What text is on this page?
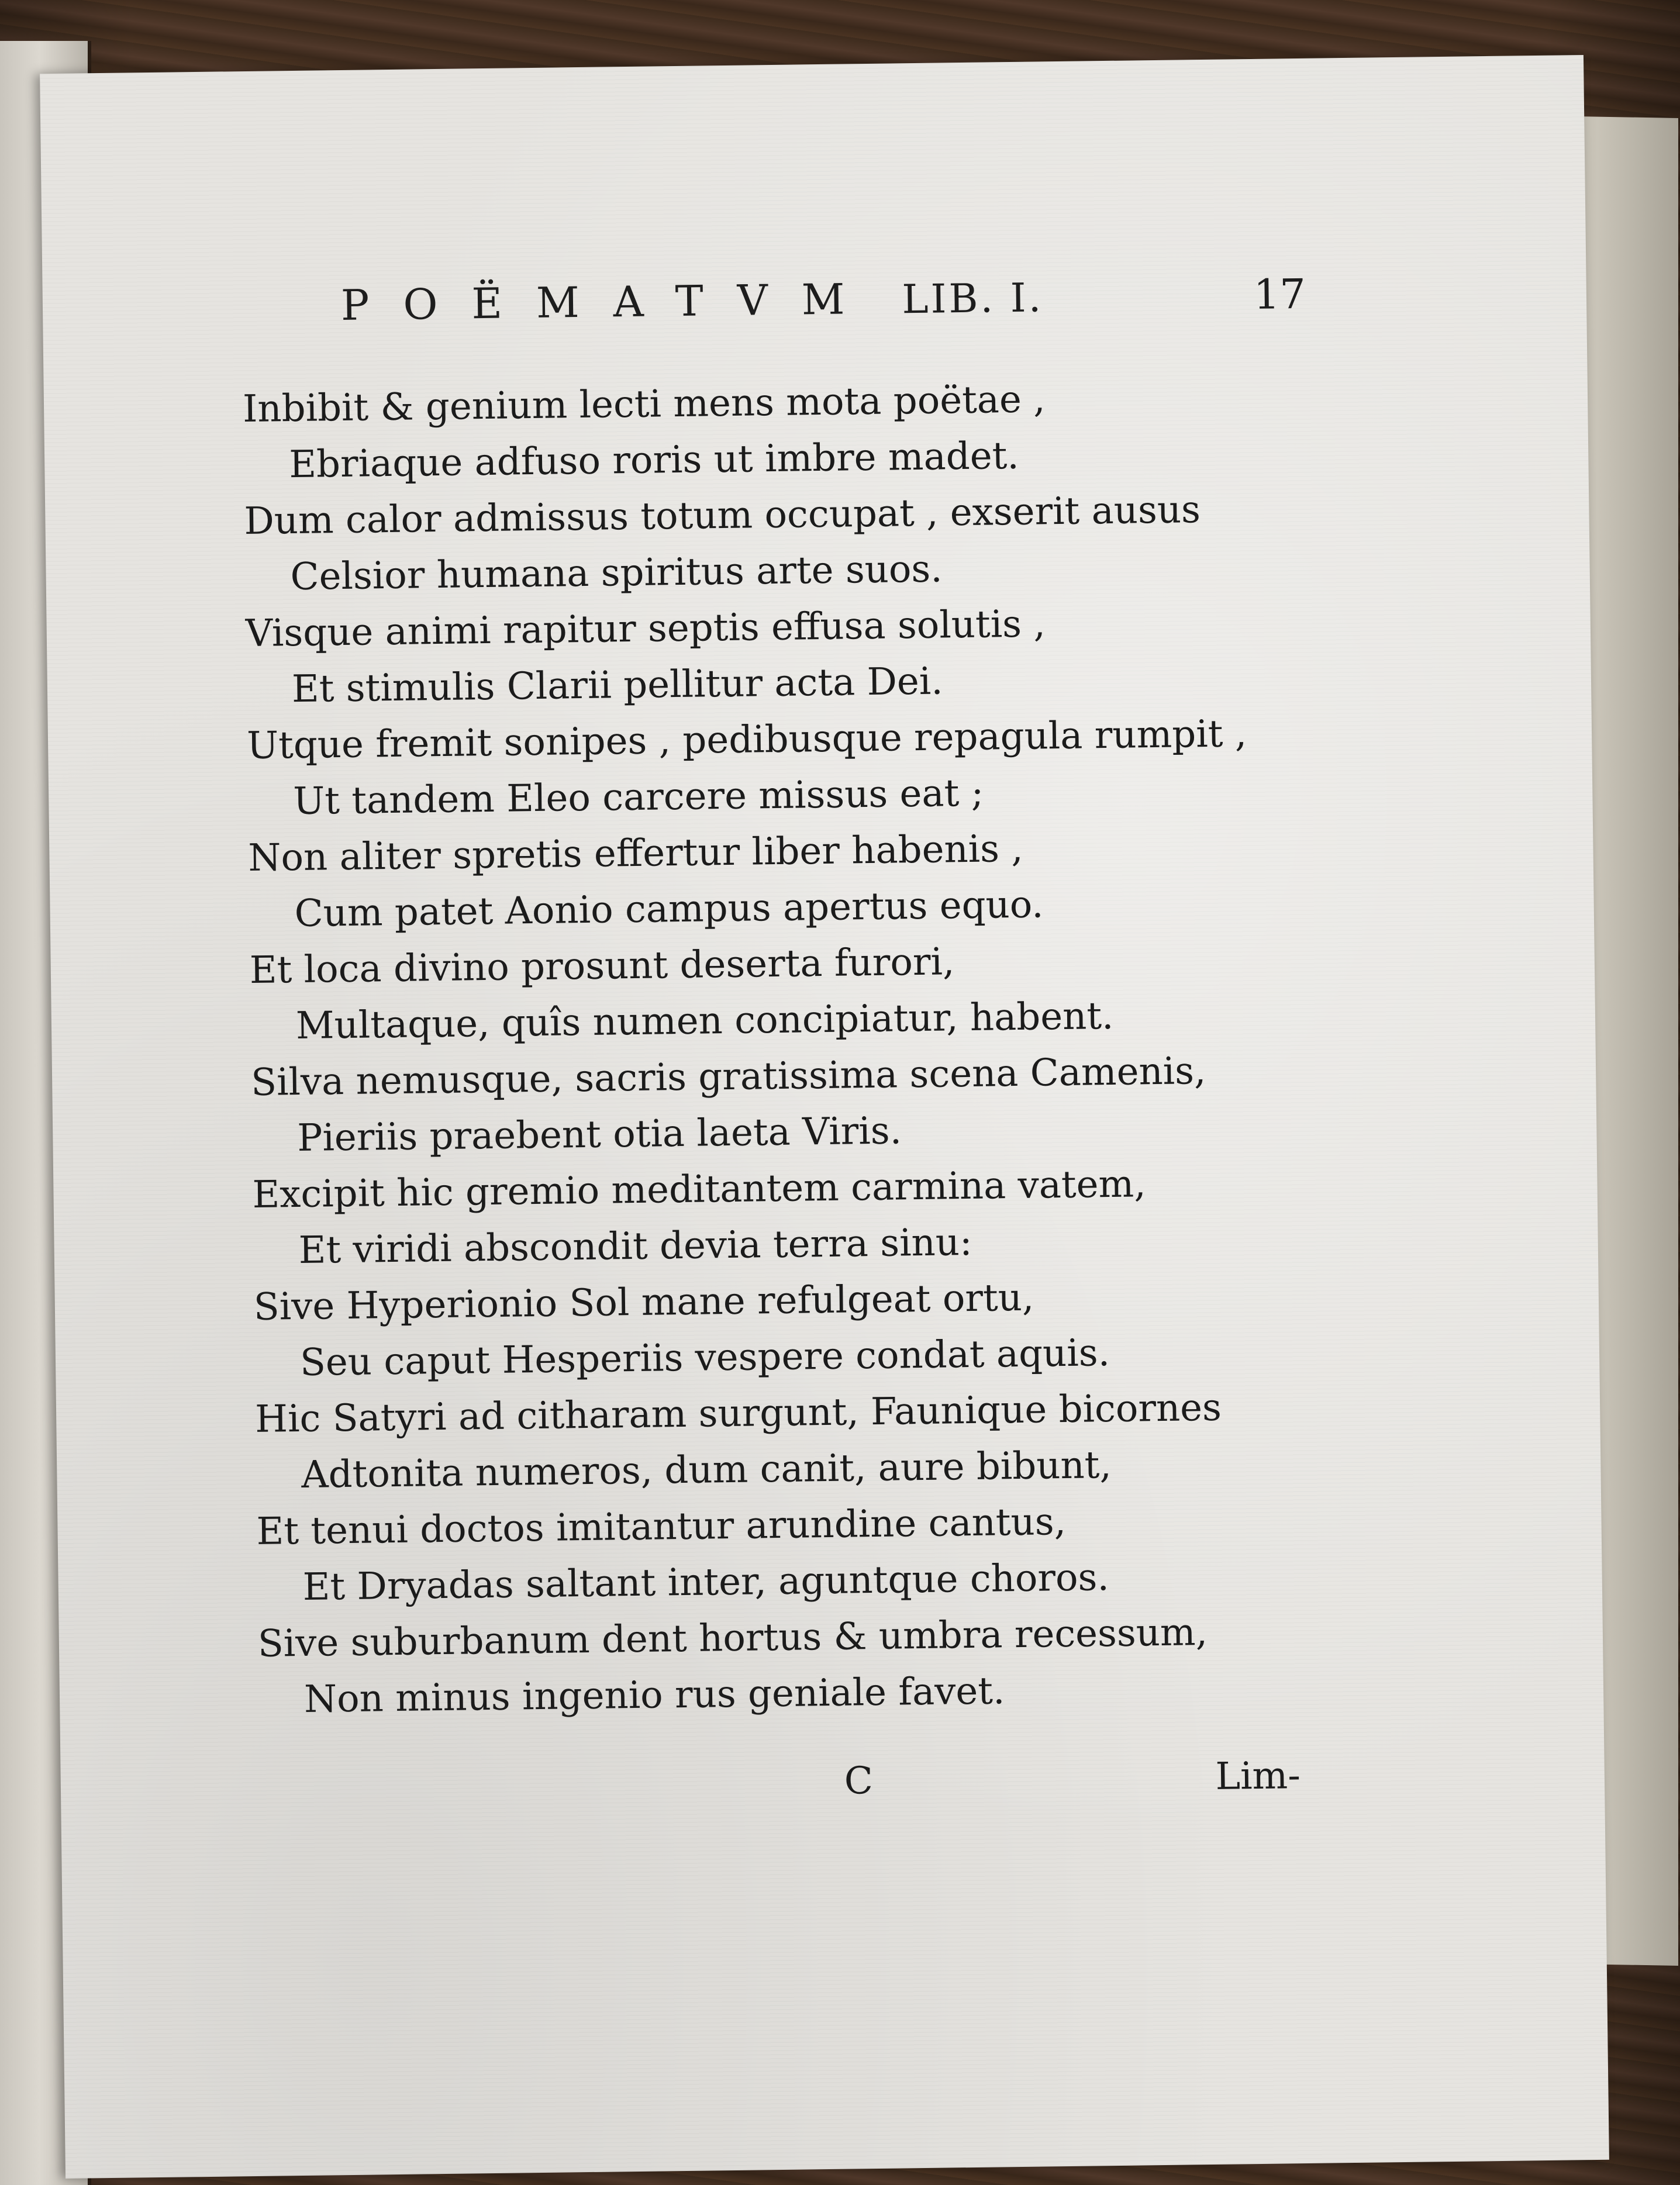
POËMATVM LIB. I.	17
Inbibit & genium lecti mens mota poëtae ,
Ebriaque adfuso roris ut imbre madet.
Dum calor admissus totum occupat , exserit ausus
Celsior humana spiritus arte suos.
Visque animi rapitur septis effusa solutis ,
Et stimulis Clarii pellitur acta Dei.
Utque fremit sonipes , pedibusque repagula rumpit ,
Ut tandem Eleo carcere missus eat ;
Non aliter spretis effertur liber habenis ,
Cum patet Aonio campus apertus equo.
Et loca divino prosunt deserta furori,
Multaque, quîs numen concipiatur, habent.
Silva nemusque, sacris gratissima scena Camenis,
Pieriis praebent otia laeta Viris.
Excipit hic gremio meditantem carmina vatem,
Et viridi abscondit devia terra sinu:
Sive Hyperionio Sol mane refulgeat ortu,
Seu caput Hesperiis vespere condat aquis.
Hic Satyri ad citharam surgunt, Faunique bicornes
Adtonita numeros, dum canit, aure bibunt,
Et tenui doctos imitantur arundine cantus,
Et Dryadas saltant inter, aguntque choros.
Sive suburbanum dent hortus & umbra recessum,
Non minus ingenio rus geniale favet.
C	Lim-
